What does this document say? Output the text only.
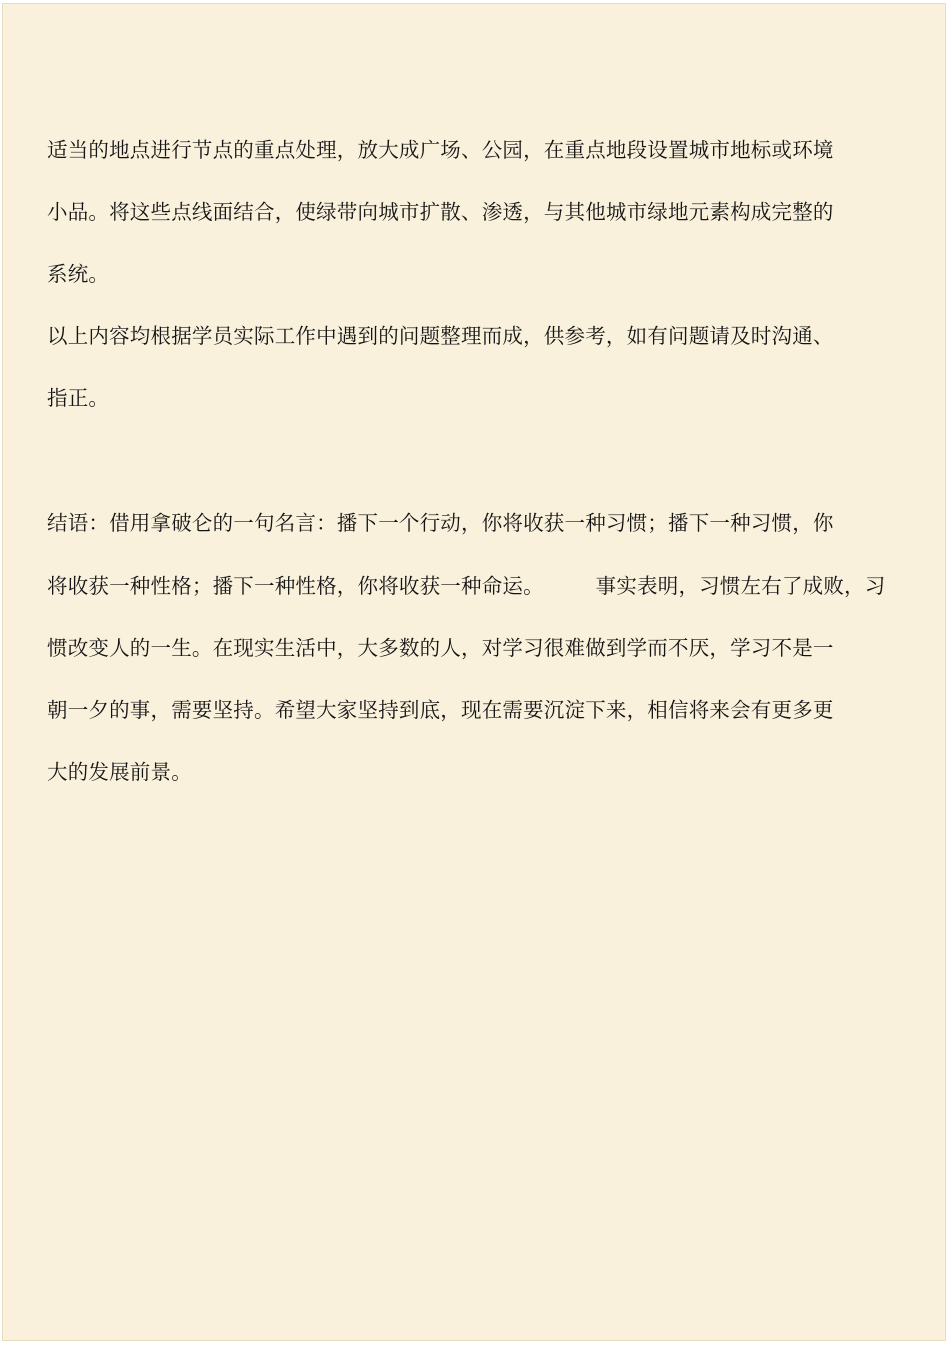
适当的地点进行节点的重点处理，放大成广场、公园，在重点地段设置城市地标或环境

小品。将这些点线面结合，使绿带向城市扩散、渗透，与其他城市绿地元素构成完整的

系统。

以上内容均根据学员实际工作中遇到的问题整理而成，供参考，如有问题请及时沟通、

指正。

结语：借用拿破仑的一句名言：播下一个行动，你将收获一种习惯；播下一种习惯，你

将收获一种性格；播下一种性格，你将收获一种命运。　　　事实表明，习惯左右了成败，习

惯改变人的一生。在现实生活中，大多数的人，对学习很难做到学而不厌，学习不是一

朝一夕的事，需要坚持。希望大家坚持到底，现在需要沉淀下来，相信将来会有更多更

大的发展前景。
